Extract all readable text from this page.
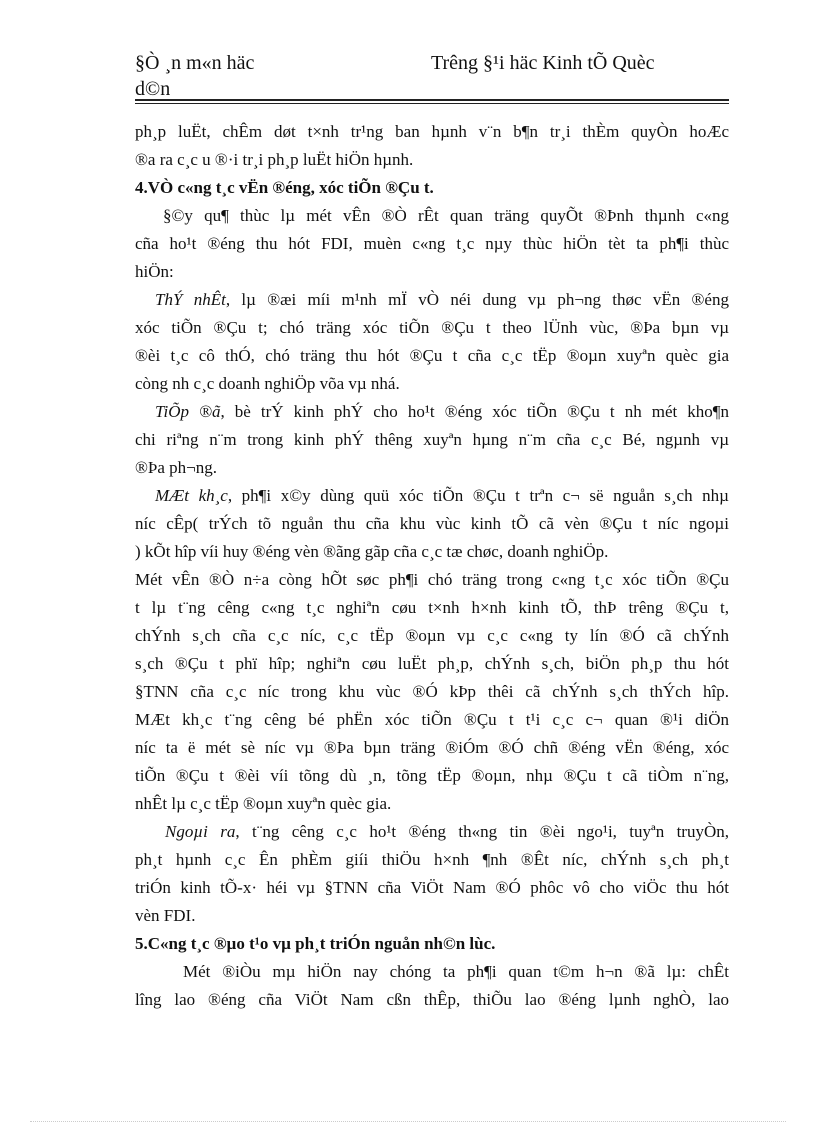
§Ò ¸n m«n häc
d©n
Trêng §¹i häc Kinh tÕ Quèc
ph¸p luËt, chÊm døt t×nh tr¹ng ban hµnh v¨n b¶n tr¸i thÈm quyÒn hoÆc
®a ra c¸c u ®·i tr¸i ph¸p luËt hiÖn hµnh.
4.VÒ c«ng t¸c vËn ®éng, xóc tiÕn ®Çu t.
§©y qu¶ thùc lµ mét vÊn ®Ò rÊt quan träng quyÕt ®Þnh thµnh c«ng
cña ho¹t ®éng thu hót FDI, muèn c«ng t¸c nµy thùc hiÖn tèt ta ph¶i thùc
hiÖn:
ThÝ nhÊt, lµ ®æi míi m¹nh mÏ vÒ néi dung vµ ph¬ng thøc vËn ®éng
xóc tiÕn ®Çu t; chó träng xóc tiÕn ®Çu t theo lÜnh vùc, ®Þa bµn vµ
®èi t¸c cô thÓ, chó träng thu hót ®Çu t cña c¸c tËp ®oµn xuyªn quèc gia
còng nh c¸c doanh nghiÖp võa vµ nhá.
TiÕp ®ã, bè trÝ kinh phÝ cho ho¹t ®éng xóc tiÕn ®Çu t nh mét kho¶n
chi riªng n¨m trong kinh phÝ thêng xuyªn hµng n¨m cña c¸c Bé, ngµnh vµ
®Þa ph¬ng.
MÆt kh¸c, ph¶i x©y dùng quü xóc tiÕn ®Çu t trªn c¬ së nguån s¸ch nhµ
níc cÊp( trÝch tõ nguån thu cña khu vùc kinh tÕ cã vèn ®Çu t níc ngoµi
) kÕt hîp víi huy ®éng vèn ®ãng gãp cña c¸c tæ chøc, doanh nghiÖp.
Mét vÊn ®Ò n÷a còng hÕt søc ph¶i chó träng trong c«ng t¸c xóc tiÕn ®Çu
t lµ t¨ng cêng c«ng t¸c nghiªn cøu t×nh h×nh kinh tÕ, thÞ trêng ®Çu t,
chÝnh s¸ch cña c¸c níc, c¸c tËp ®oµn vµ c¸c c«ng ty lín ®Ó cã chÝnh
s¸ch ®Çu t phï hîp; nghiªn cøu luËt ph¸p, chÝnh s¸ch, biÖn ph¸p thu hót
§TNN cña c¸c níc trong khu vùc ®Ó kÞp thêi cã chÝnh s¸ch thÝch hîp.
MÆt kh¸c t¨ng cêng bé phËn xóc tiÕn ®Çu t t¹i c¸c c¬ quan ®¹i diÖn
níc ta ë mét sè níc vµ ®Þa bµn träng ®iÓm ®Ó chñ ®éng vËn ®éng, xóc
tiÕn ®Çu t ®èi víi tõng dù ¸n, tõng tËp ®oµn, nhµ ®Çu t cã tiÒm n¨ng,
nhÊt lµ c¸c tËp ®oµn xuyªn quèc gia.
Ngoµi ra, t¨ng cêng c¸c ho¹t ®éng th«ng tin ®èi ngo¹i, tuyªn truyÒn,
ph¸t hµnh c¸c Ên phÈm giíi thiÖu h×nh ¶nh ®Êt níc, chÝnh s¸ch ph¸t
triÓn kinh tÕ-x· héi vµ §TNN cña ViÖt Nam ®Ó phôc vô cho viÖc thu hót
vèn FDI.
5.C«ng t¸c ®µo t¹o vµ ph¸t triÓn nguån nh©n lùc.
Mét ®iÒu mµ hiÖn nay chóng ta ph¶i quan t©m h¬n ®ã lµ: chÊt
lîng lao ®éng cña ViÖt Nam cßn thÊp, thiÕu lao ®éng lµnh nghÒ, lao
